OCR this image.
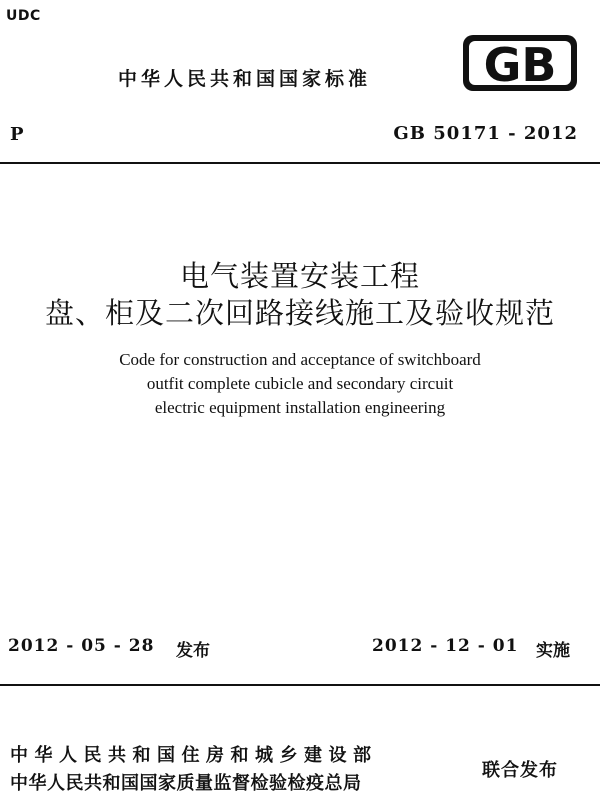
UDC
中华人民共和国国家标准 GB
P	GB 50171 - 2012
电气装置安装工程
盘、柜及二次回路接线施工及验收规范
Code for construction and acceptance of switchboard
outfit complete cubicle and secondary circuit
electric equipment installation engineering
2012 - 05 - 28 发布	2012 - 12 - 01 实施
中华人民共和国住房和城乡建设部
中华人民共和国国家质量监督检验检疫总局
联合发布
